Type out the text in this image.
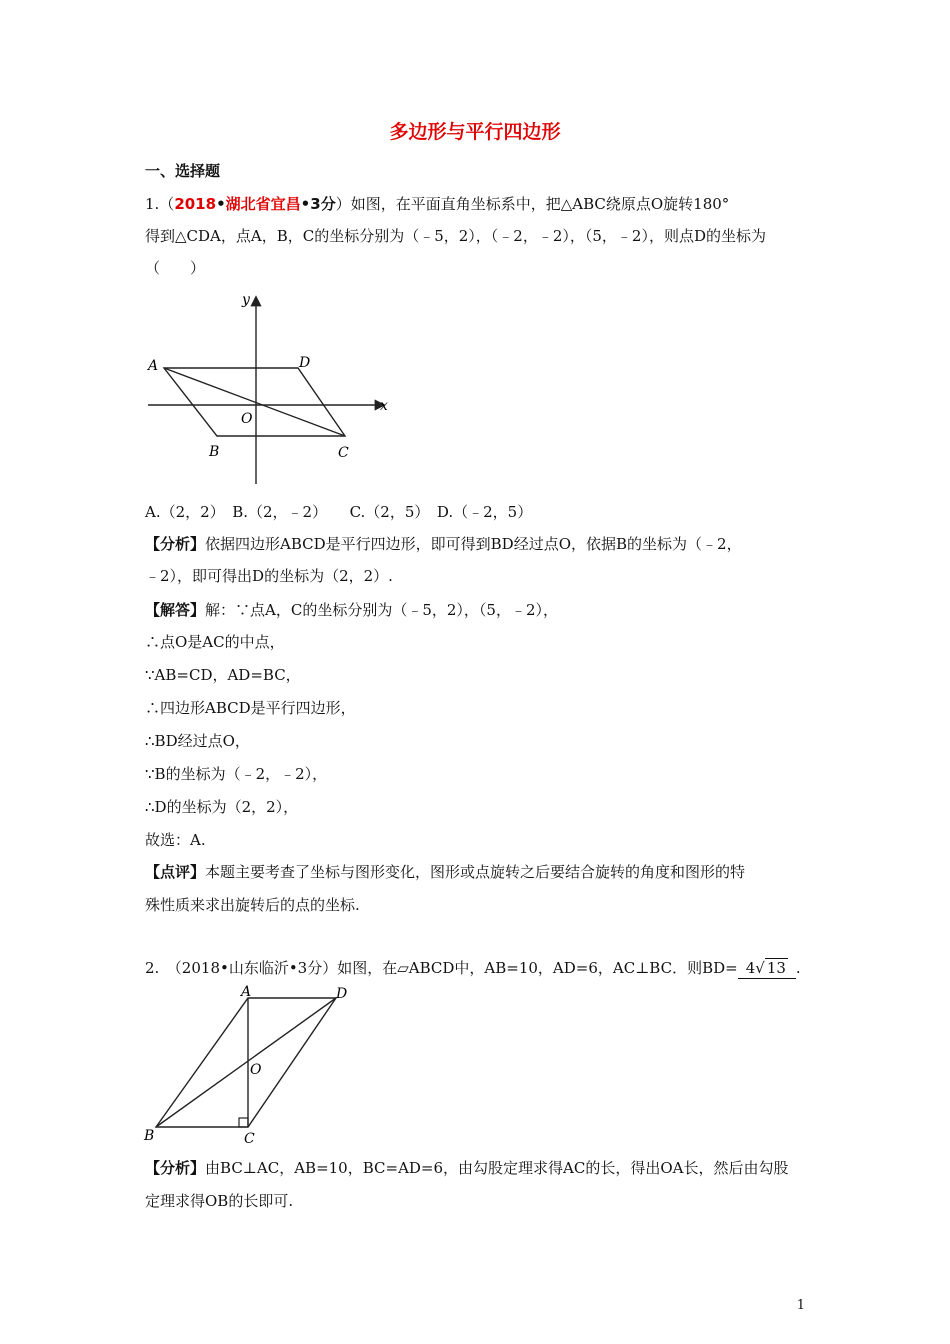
多边形与平行四边形
一、选择题
1.（2018•湖北省宜昌•3分）如图，在平面直角坐标系中，把△ABC绕原点O旋转180°
得到△CDA，点A，B，C的坐标分别为（﹣5，2），（﹣2，﹣2），（5，﹣2），则点D的坐标为
（　　）
A	D
B	C
O
x
y
A.（2，2）　B.（2，﹣2）　　C.（2，5）　D.（﹣2，5）
【分析】依据四边形ABCD是平行四边形，即可得到BD经过点O，依据B的坐标为（﹣2，
﹣2），即可得出D的坐标为（2，2）.
【解答】解：∵点A，C的坐标分别为（﹣5，2），（5，﹣2），
∴点O是AC的中点，
∵AB=CD，AD=BC，
∴四边形ABCD是平行四边形，
∴BD经过点O，
∵B的坐标为（﹣2，﹣2），
∴D的坐标为（2，2），
故选：A.
【点评】本题主要考查了坐标与图形变化，图形或点旋转之后要结合旋转的角度和图形的特
殊性质来求出旋转后的点的坐标.
2.　（2018•山东临沂•3分）如图，在▱ABCD中，AB=10，AD=6，AC⊥BC．则BD= 4√ 13 .
A	D
B	C
O
【分析】由BC⊥AC，AB=10，BC=AD=6，由勾股定理求得AC的长，得出OA长，然后由勾股
定理求得OB的长即可.
1
